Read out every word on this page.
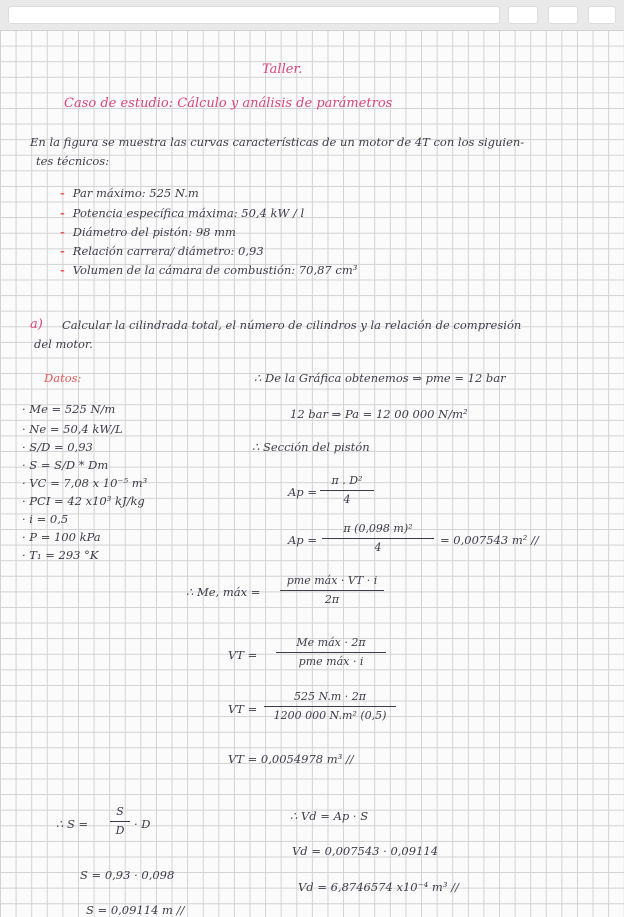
Taller.
Caso de estudio: Cálculo y análisis de parámetros
En la figura se muestra las curvas características de un motor de 4T con los siguien-
tes técnicos:
- Par máximo: 525 N.m
- Potencia específica máxima: 50,4 kW / l
- Diámetro del pistón: 98 mm
- Relación carrera/ diámetro: 0,93
- Volumen de la cámara de combustión: 70,87 cm³
a) Calcular la cilindrada total, el número de cilindros y la relación de compresión
del motor.
Datos:	∴ De la Gráfica obtenemos ⇒ pme = 12 bar
· Me = 525 N/m
· Ne = 50,4 kW/L
· S/D = 0,93
· S = S/D * Dm
· VC = 7,08 x 10⁻⁵ m³
· PCI = 42 x10³ kJ/kg
· i = 0,5
· P = 100 kPa
· T₁ = 293 °K
12 bar ⇒ Pa = 12 00 000 N/m²
∴ Sección del pistón
Ap =
π . D²
4
Ap =
π (0,098 m)²
4
= 0,007543 m² //
∴ Me, máx =
pme máx · VT · i
2π
VT =
Me máx · 2π
pme máx · i
VT =
525 N.m · 2π
1200 000 N.m² (0,5)
VT = 0,0054978 m³ //
∴ S =
S
D · D
S = 0,93 · 0,098
S = 0,09114 m //
∴ Vd = Ap · S
Vd = 0,007543 · 0,09114
Vd = 6,8746574 x10⁻⁴ m³ //
